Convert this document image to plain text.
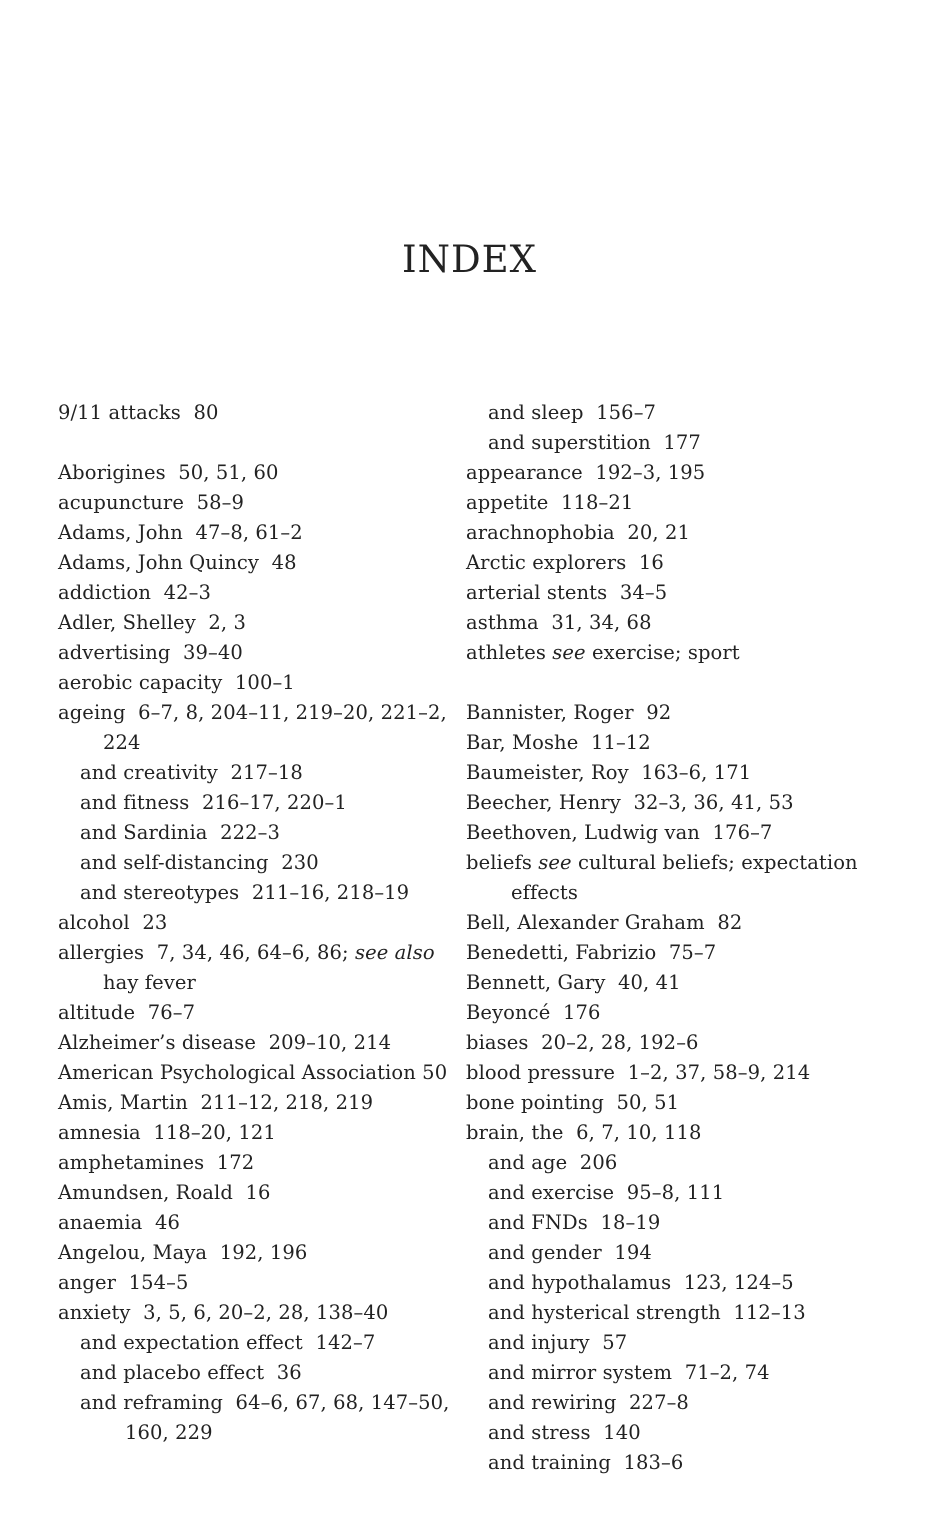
INDEX

9/11 attacks  80

Aborigines  50, 51, 60

acupuncture  58–9

Adams, John  47–8, 61–2

Adams, John Quincy  48

addiction  42–3

Adler, Shelley  2, 3

advertising  39–40

aerobic capacity  100–1

ageing  6–7, 8, 204–11, 219–20, 221–2, 224

and creativity  217–18

and fitness  216–17, 220–1

and Sardinia  222–3

and self-distancing  230

and stereotypes  211–16, 218–19

alcohol  23

allergies  7, 34, 46, 64–6, 86; see also hay fever

altitude  76–7

Alzheimer’s disease  209–10, 214

American Psychological Association 50

Amis, Martin  211–12, 218, 219

amnesia  118–20, 121

amphetamines  172

Amundsen, Roald  16

anaemia  46

Angelou, Maya  192, 196

anger  154–5

anxiety  3, 5, 6, 20–2, 28, 138–40

and expectation effect  142–7

and placebo effect  36

and reframing  64–6, 67, 68, 147–50, 160, 229

and sleep  156–7

and superstition  177

appearance  192–3, 195

appetite  118–21

arachnophobia  20, 21

Arctic explorers  16

arterial stents  34–5

asthma  31, 34, 68

athletes see exercise; sport

Bannister, Roger  92

Bar, Moshe  11–12

Baumeister, Roy  163–6, 171

Beecher, Henry  32–3, 36, 41, 53

Beethoven, Ludwig van  176–7

beliefs see cultural beliefs; expectation effects

Bell, Alexander Graham  82

Benedetti, Fabrizio  75–7

Bennett, Gary  40, 41

Beyoncé  176

biases  20–2, 28, 192–6

blood pressure  1–2, 37, 58–9, 214

bone pointing  50, 51

brain, the  6, 7, 10, 118

and age  206

and exercise  95–8, 111

and FNDs  18–19

and gender  194

and hypothalamus  123, 124–5

and hysterical strength  112–13

and injury  57

and mirror system  71–2, 74

and rewiring  227–8

and stress  140

and training  183–6
